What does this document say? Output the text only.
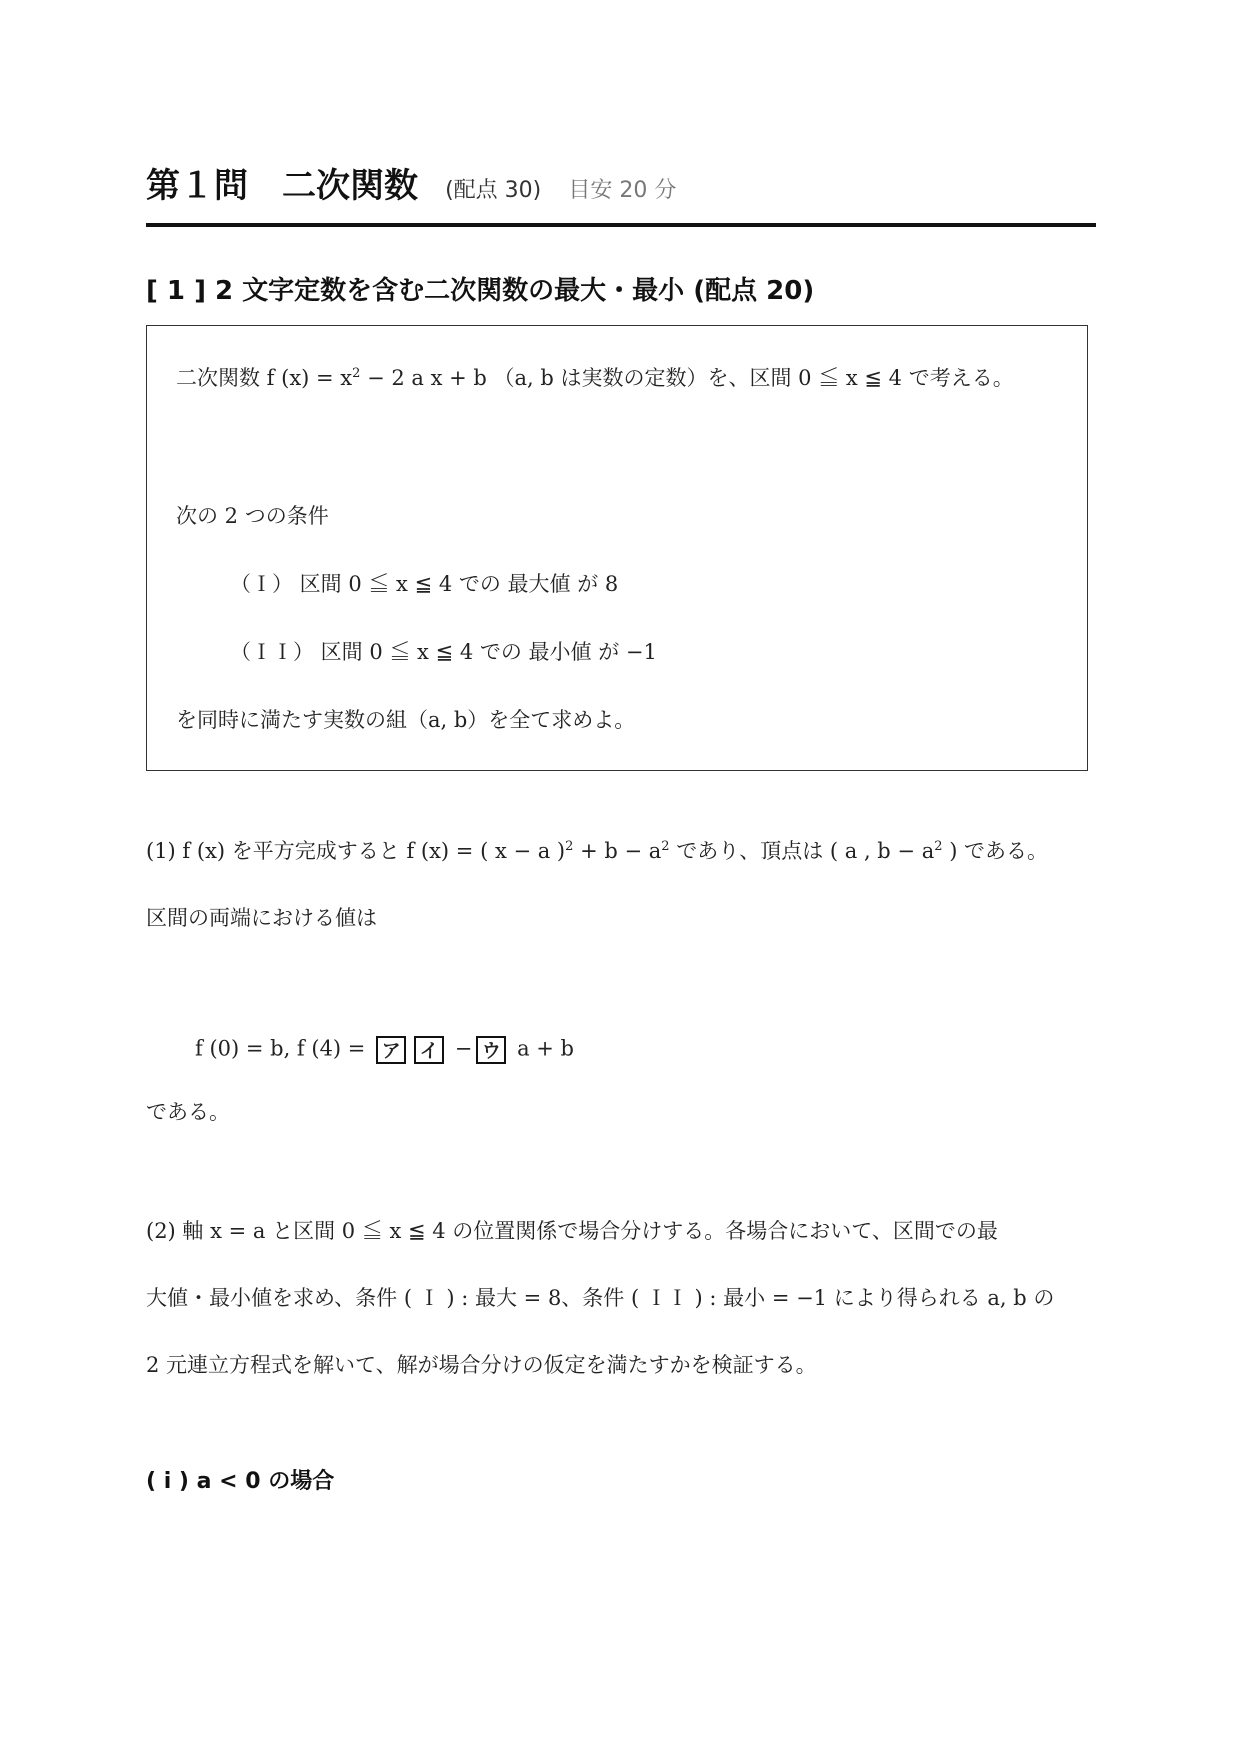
第１問　二次関数 (配点 30) 目安 20 分
[ 1 ] 2 文字定数を含む二次関数の最大・最小 (配点 20)
二次関数 f $(x) = x^2 - 2$ a x + b （a, b は実数の定数）を、区間 0 ≦ x ≦ 4 で考える。
次の 2 つの条件
（Ｉ） 区間 0 ≦ x ≦ 4 での 最大値 が 8
（ＩＩ） 区間 0 ≦ x ≦ 4 での 最小値 が −1
を同時に満たす実数の組（a, b）を全て求めよ。
(1) f (x) を平方完成すると f (x) = ( x − a )$^2 + b - a^2$ であり、頂点は ( a , $b - a^2$ ) である。
区間の両端における値は
f (0) = b, f (4) = ア イ − ウ a + b
である。
(2) 軸 x = a と区間 0 ≦ x ≦ 4 の位置関係で場合分けする。各場合において、区間での最
大値・最小値を求め、条件 ( Ｉ ) : 最大 = 8、条件 ( ＩＩ ) : 最小 = −1 により得られる a, b の
2 元連立方程式を解いて、解が場合分けの仮定を満たすかを検証する。
( i ) a < 0 の場合
